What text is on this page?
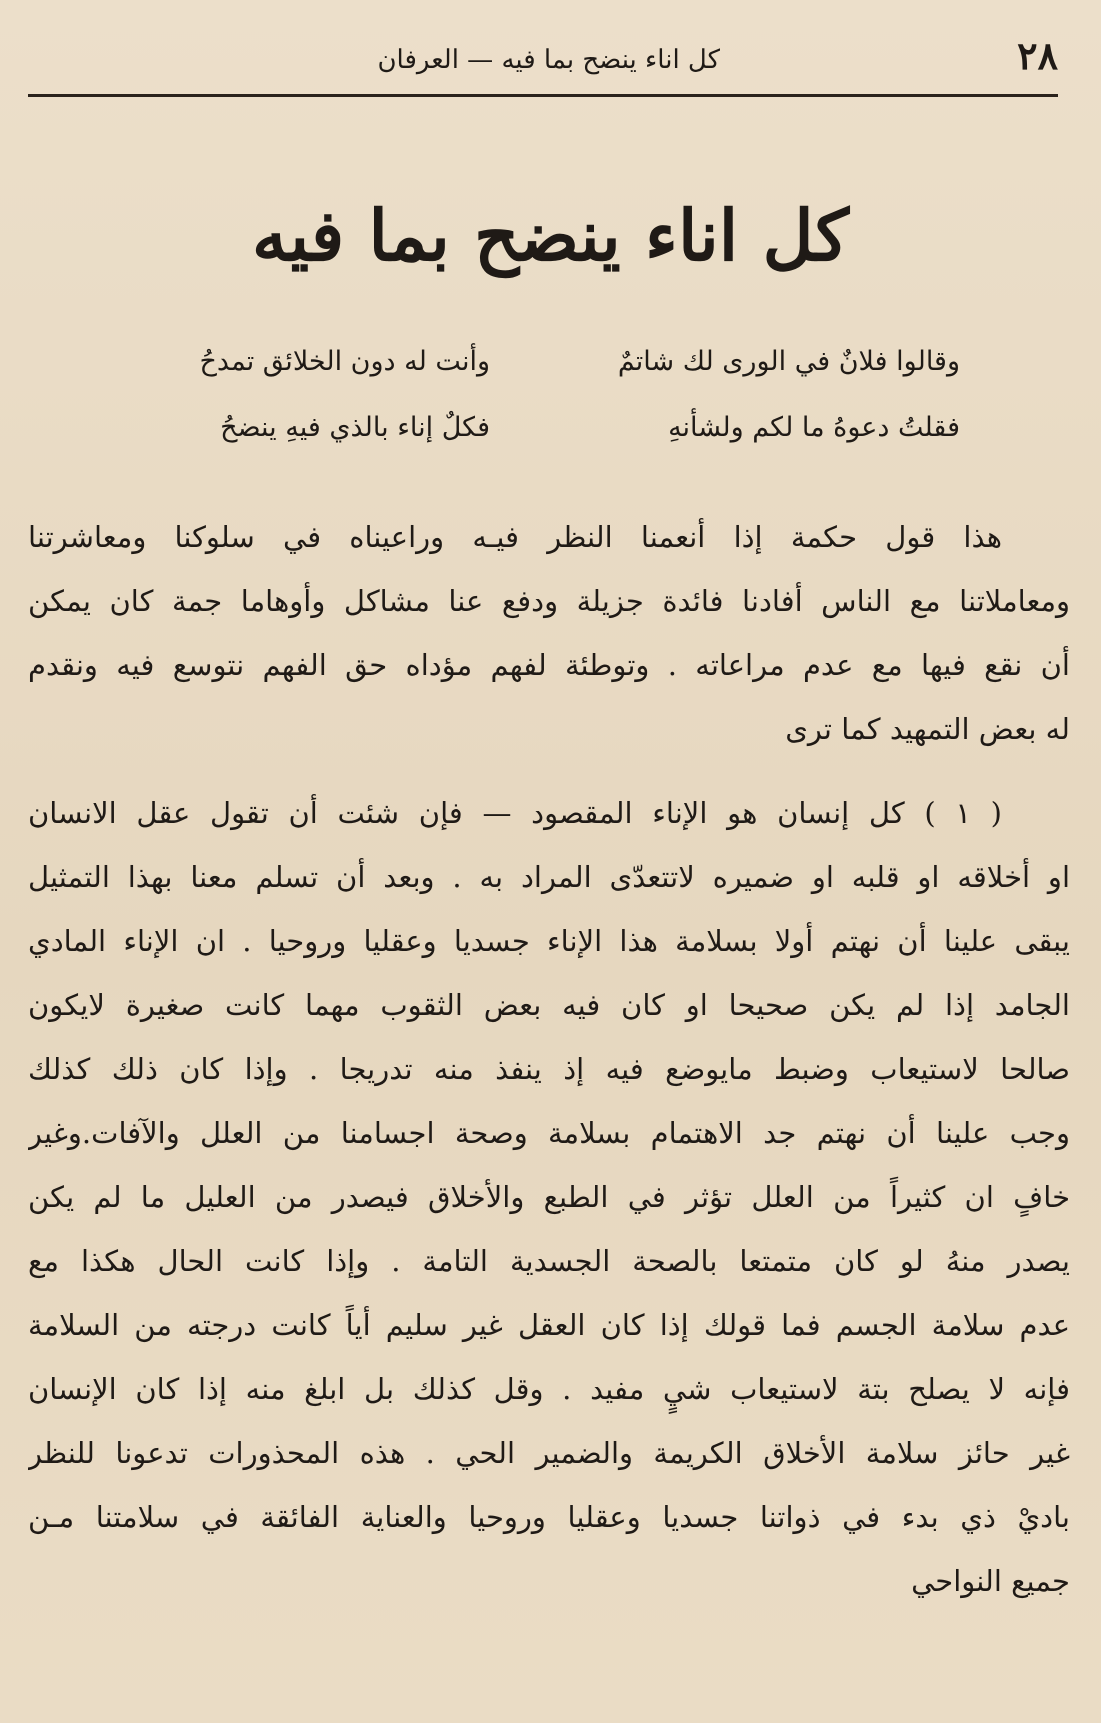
كل اناء ينضح بما فيه — العرفان	٢٨
كل اناء ينضح بما فيه
وقالوا فلانٌ في الورى لك شاتمٌ
وأنت له دون الخلائق تمدحُ
فقلتُ دعوهُ ما لكم ولشأنهِ
فكلٌ إناء بالذي فيهِ ينضحُ
هذا قول حكمة إذا أنعمنا النظر فيـه وراعيناه في سلوكنا ومعاشرتنا
ومعاملاتنا مع الناس أفادنا فائدة جزيلة ودفع عنا مشاكل وأوهاما جمة كان يمكن
أن نقع فيها مع عدم مراعاته . وتوطئة لفهم مؤداه حق الفهم نتوسع فيه ونقدم
له بعض التمهيد كما ترى
( ١ ) كل إنسان هو الإناء المقصود — فإن شئت أن تقول عقل الانسان
او أخلاقه او قلبه او ضميره لاتتعدّى المراد به . وبعد أن تسلم معنا بهذا التمثيل
يبقى علينا أن نهتم أولا بسلامة هذا الإناء جسديا وعقليا وروحيا . ان الإناء المادي
الجامد إذا لم يكن صحيحا او كان فيه بعض الثقوب مهما كانت صغيرة لايكون
صالحا لاستيعاب وضبط مايوضع فيه إذ ينفذ منه تدريجا . وإذا كان ذلك كذلك
وجب علينا أن نهتم جد الاهتمام بسلامة وصحة اجسامنا من العلل والآفات.وغير
خافٍ ان كثيراً من العلل تؤثر في الطبع والأخلاق فيصدر من العليل ما لم يكن
يصدر منهُ لو كان متمتعا بالصحة الجسدية التامة . وإذا كانت الحال هكذا مع
عدم سلامة الجسم فما قولك إذا كان العقل غير سليم أياً كانت درجته من السلامة
فإنه لا يصلح بتة لاستيعاب شيٍ مفيد . وقل كذلك بل ابلغ منه إذا كان الإنسان
غير حائز سلامة الأخلاق الكريمة والضمير الحي . هذه المحذورات تدعونا للنظر
باديْ ذي بدء في ذواتنا جسديا وعقليا وروحيا والعناية الفائقة في سلامتنا مـن
جميع النواحي
